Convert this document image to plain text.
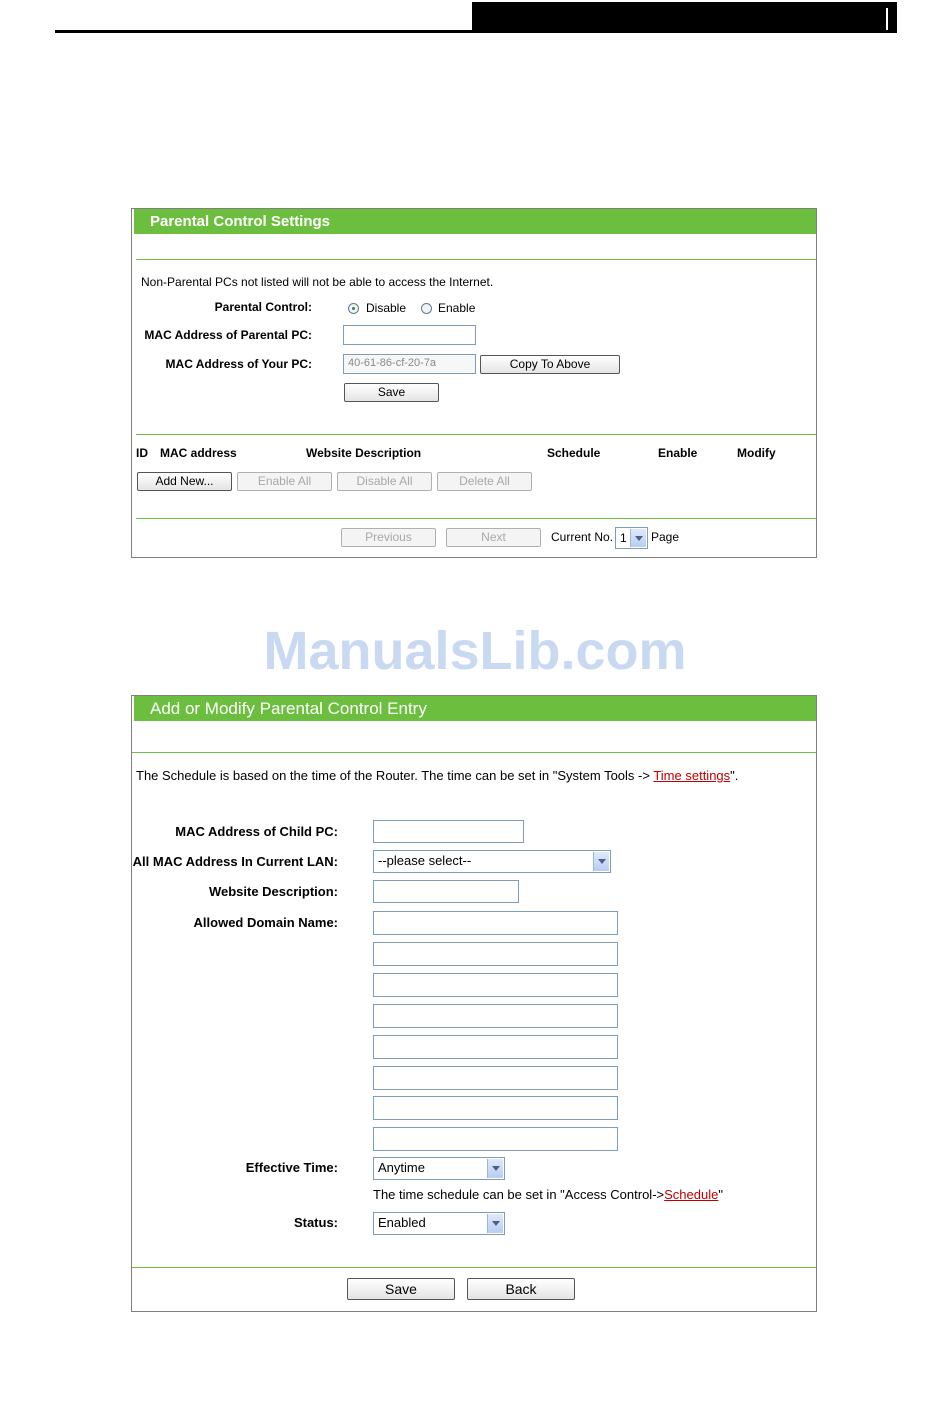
Parental Control Settings
Non-Parental PCs not listed will not be able to access the Internet.
Parental Control:	Disable	Enable
MAC Address of Parental PC:
MAC Address of Your PC:	40-61-86-cf-20-7a	Copy To Above
Save
ID MAC address	Website Description	Schedule	Enable	Modify
Add New...	Enable All	Disable All	Delete All
Previous	Next	Current No. 1	Page
ManualsLib.com
Add or Modify Parental Control Entry
The Schedule is based on the time of the Router. The time can be set in "System Tools -> Time settings".
MAC Address of Child PC:
All MAC Address In Current LAN:	--please select--
Website Description:
Allowed Domain Name:
Effective Time:	Anytime
The time schedule can be set in "Access Control->Schedule"
Status:	Enabled
Save	Back
